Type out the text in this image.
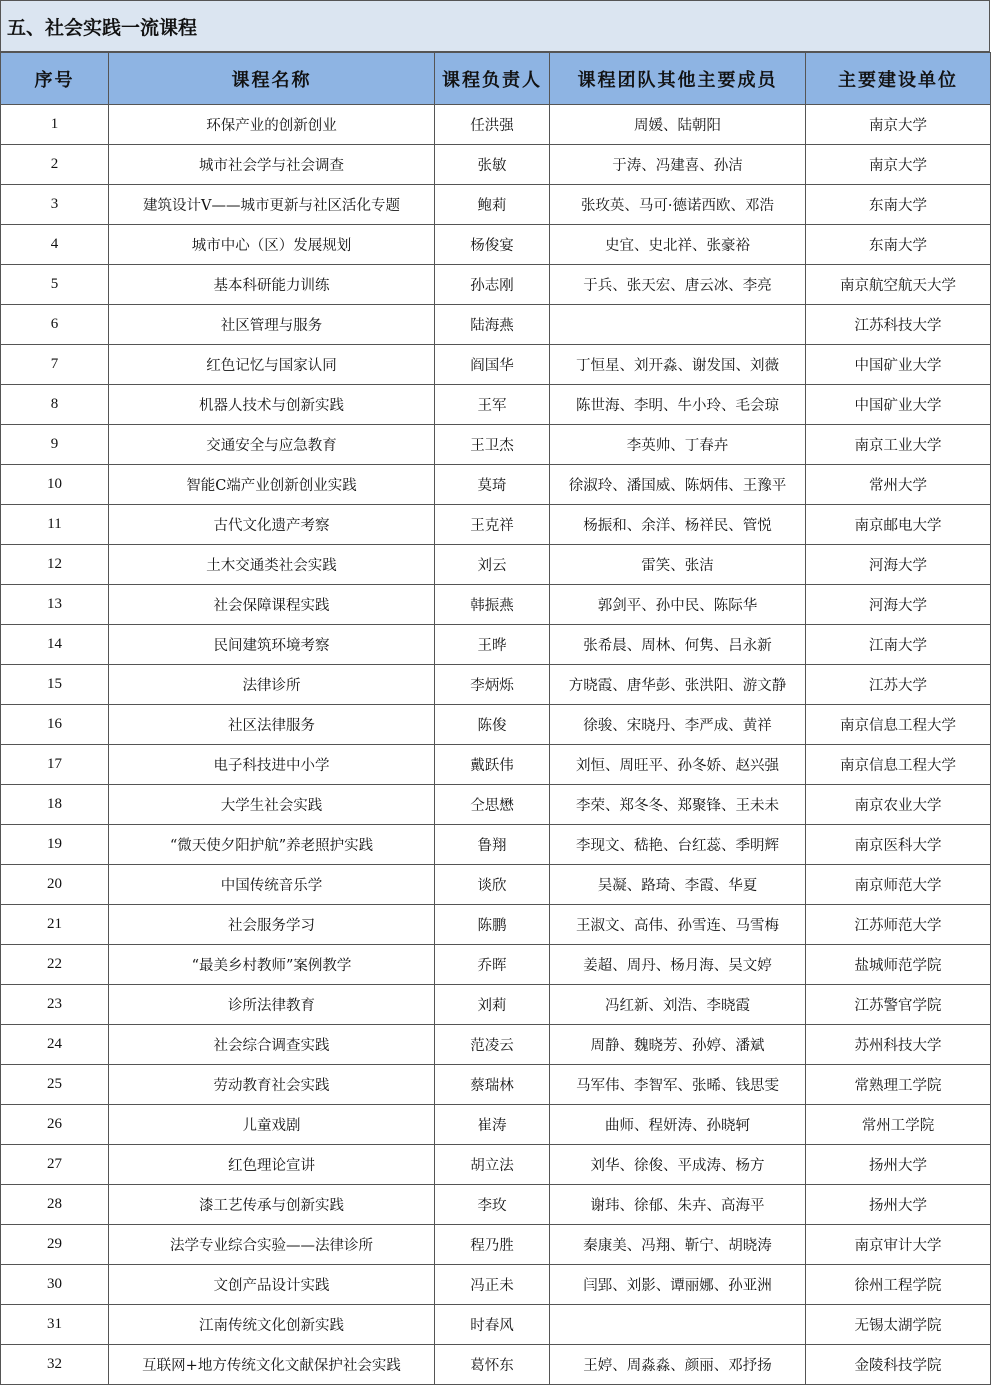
五、社会实践一流课程
序号	课程名称	课程负责人	课程团队其他主要成员	主要建设单位
1	环保产业的创新创业	任洪强	周媛、陆朝阳	南京大学
2	城市社会学与社会调查	张敏	于涛、冯建喜、孙洁	南京大学
3	建筑设计V——城市更新与社区活化专题	鲍莉	张玫英、马可·德诺西欧、邓浩	东南大学
4	城市中心（区）发展规划	杨俊宴	史宜、史北祥、张豪裕	东南大学
5	基本科研能力训练	孙志刚	于兵、张天宏、唐云冰、李亮	南京航空航天大学
6	社区管理与服务	陆海燕		江苏科技大学
7	红色记忆与国家认同	阎国华	丁恒星、刘开淼、谢发国、刘薇	中国矿业大学
8	机器人技术与创新实践	王军	陈世海、李明、牛小玲、毛会琼	中国矿业大学
9	交通安全与应急教育	王卫杰	李英帅、丁春卉	南京工业大学
10	智能C端产业创新创业实践	莫琦	徐淑玲、潘国威、陈炳伟、王豫平	常州大学
11	古代文化遗产考察	王克祥	杨振和、余洋、杨祥民、管悦	南京邮电大学
12	土木交通类社会实践	刘云	雷笑、张洁	河海大学
13	社会保障课程实践	韩振燕	郭剑平、孙中民、陈际华	河海大学
14	民间建筑环境考察	王晔	张希晨、周林、何隽、吕永新	江南大学
15	法律诊所	李炳烁	方晓霞、唐华彭、张洪阳、游文静	江苏大学
16	社区法律服务	陈俊	徐骏、宋晓丹、李严成、黄祥	南京信息工程大学
17	电子科技进中小学	戴跃伟	刘恒、周旺平、孙冬娇、赵兴强	南京信息工程大学
18	大学生社会实践	仝思懋	李荣、郑冬冬、郑聚锋、王未未	南京农业大学
19	“微天使夕阳护航”养老照护实践	鲁翔	李现文、嵇艳、台红蕊、季明辉	南京医科大学
20	中国传统音乐学	谈欣	吴凝、路琦、李霞、华夏	南京师范大学
21	社会服务学习	陈鹏	王淑文、高伟、孙雪连、马雪梅	江苏师范大学
22	“最美乡村教师”案例教学	乔晖	姜超、周丹、杨月海、吴文婷	盐城师范学院
23	诊所法律教育	刘莉	冯红新、刘浩、李晓霞	江苏警官学院
24	社会综合调查实践	范凌云	周静、魏晓芳、孙婷、潘斌	苏州科技大学
25	劳动教育社会实践	蔡瑞林	马军伟、李智军、张晞、钱思雯	常熟理工学院
26	儿童戏剧	崔涛	曲师、程妍涛、孙晓轲	常州工学院
27	红色理论宣讲	胡立法	刘华、徐俊、平成涛、杨方	扬州大学
28	漆工艺传承与创新实践	李玫	谢玮、徐郁、朱卉、高海平	扬州大学
29	法学专业综合实验——法律诊所	程乃胜	秦康美、冯翔、靳宁、胡晓涛	南京审计大学
30	文创产品设计实践	冯正未	闫郢、刘影、谭丽娜、孙亚洲	徐州工程学院
31	江南传统文化创新实践	时春风		无锡太湖学院
32	互联网+地方传统文化文献保护社会实践	葛怀东	王婷、周淼淼、颜丽、邓抒扬	金陵科技学院
